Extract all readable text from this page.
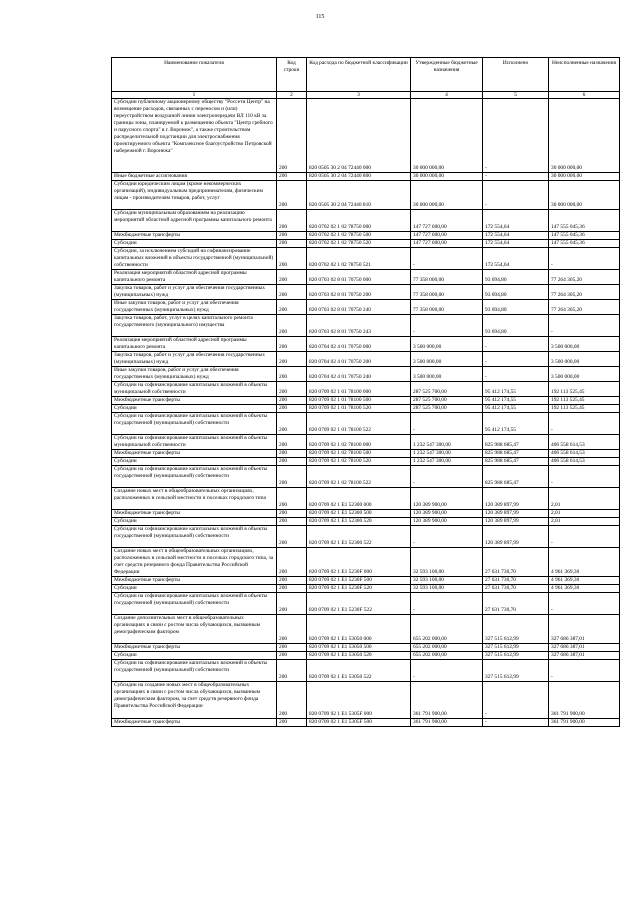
115
Наименование показателя	Код строки	Код расхода по бюджетной классификации	Утвержденные бюджетные назначения	Исполнено	Неисполненные назначения
1	2	3	4	5	6
Субсидии публичному акционерному обществу "Россети Центр" на возмещение расходов, связанных с переносом и (или) переустройством воздушной линии электропередачи ВЛ 110 кВ за границы зоны, планируемой к размещению объекта "Центр гребного и парусного спорта" в г. Воронеж", а также строительством распределительной подстанции для электроснабжения проектируемого объекта "Комплексное благоустройство Петровской набережной г. Воронежа"	200	820 0505 30 2 04 72440 000	30 000 000,00	-	30 000 000,00
Иные бюджетные ассигнования	200	820 0505 30 2 04 72440 800	30 000 000,00	-	30 000 000,00
Субсидии юридическим лицам (кроме некоммерческих организаций), индивидуальным предпринимателям, физическим лицам - производителям товаров, работ, услуг	200	820 0505 30 2 04 72440 810	30 000 000,00	-	30 000 000,00
Субсидии муниципальным образованиям на реализацию мероприятий областной адресной программы капитального ремонта	200	820 0702 02 1 02 78750 000	147 727 600,00	172 554,64	147 555 045,36
Межбюджетные трансферты	200	820 0702 02 1 02 78750 500	147 727 600,00	172 554,64	147 555 045,36
Субсидии	200	820 0702 02 1 02 78750 520	147 727 600,00	172 554,64	147 555 045,36
Субсидии, за исключением субсидий на софинансирование капитальных вложений в объекты государственной (муниципальной) собственности	200	820 0702 02 1 02 78750 521	-	172 554,64	-
Реализация мероприятий областной адресной программы капитального ремонта	200	820 0703 02 8 01 70750 000	77 358 000,00	93 694,80	77 264 305,20
Закупка товаров, работ и услуг для обеспечения государственных (муниципальных) нужд	200	820 0703 02 8 01 70750 200	77 358 000,00	93 694,80	77 264 305,20
Иные закупки товаров, работ и услуг для обеспечения государственных (муниципальных) нужд	200	820 0703 02 8 01 70750 240	77 358 000,00	93 694,80	77 264 305,20
Закупка товаров, работ, услуг в целях капитального ремонта государственного (муниципального) имущества	200	820 0703 02 8 01 70750 243	-	93 694,80	-
Реализация мероприятий областной адресной программы капитального ремонта	200	820 0704 02 4 01 70750 000	3 500 000,00	-	3 500 000,00
Закупка товаров, работ и услуг для обеспечения государственных (муниципальных) нужд	200	820 0704 02 4 01 70750 200	3 500 000,00	-	3 500 000,00
Иные закупки товаров, работ и услуг для обеспечения государственных (муниципальных) нужд	200	820 0704 02 4 01 70750 240	3 500 000,00	-	3 500 000,00
Субсидии на софинансирование капитальных вложений в объекты муниципальной собственности	200	820 0709 02 1 01 78100 000	287 525 700,00	95 412 174,55	192 113 525,45
Межбюджетные трансферты	200	820 0709 02 1 01 78100 500	287 525 700,00	95 412 174,55	192 113 525,45
Субсидии	200	820 0709 02 1 01 78100 520	287 525 700,00	95 412 174,55	192 113 525,45
Субсидии на софинансирование капитальных вложений в объекты государственной (муниципальной) собственности	200	820 0709 02 1 01 78100 522	-	95 412 174,55	-
Субсидии на софинансирование капитальных вложений в объекты муниципальной собственности	200	820 0709 02 1 02 78100 000	1 232 547 300,00	825 988 685,47	406 558 614,53
Межбюджетные трансферты	200	820 0709 02 1 02 78100 500	1 232 547 300,00	825 988 685,47	406 558 614,53
Субсидии	200	820 0709 02 1 02 78100 520	1 232 547 300,00	825 988 685,47	406 558 614,53
Субсидии на софинансирование капитальных вложений в объекты государственной (муниципальной) собственности	200	820 0709 02 1 02 78100 522	-	825 988 685,47	-
Создание новых мест в общеобразовательных организациях, расположенных в сельской местности и поселках городского типа	200	820 0709 02 1 E1 52300 000	120 389 900,00	120 389 897,99	2,01
Межбюджетные трансферты	200	820 0709 02 1 E1 52300 500	120 389 900,00	120 389 897,99	2,01
Субсидии	200	820 0709 02 1 E1 52300 520	120 389 900,00	120 389 897,99	2,01
Субсидии на софинансирование капитальных вложений в объекты государственной (муниципальной) собственности	200	820 0709 02 1 E1 52300 522	-	120 389 897,99	-
Создание новых мест в общеобразовательных организациях, расположенных в сельской местности и поселках городского типа, за счет средств резервного фонда Правительства Российской Федерации	200	820 0709 02 1 E1 5230F 000	32 593 100,00	27 631 730,70	4 961 369,30
Межбюджетные трансферты	200	820 0709 02 1 E1 5230F 500	32 593 100,00	27 631 730,70	4 961 369,30
Субсидии	200	820 0709 02 1 E1 5230F 520	32 593 100,00	27 631 730,70	4 961 369,30
Субсидии на софинансирование капитальных вложений в объекты государственной (муниципальной) собственности	200	820 0709 02 1 E1 5230F 522	-	27 631 730,70	-
Создание дополнительных мест в общеобразовательных организациях в связи с ростом числа обучающихся, вызванным демографическим фактором	200	820 0709 02 1 E1 53050 000	655 202 000,00	327 515 612,99	327 686 387,01
Межбюджетные трансферты	200	820 0709 02 1 E1 53050 500	655 202 000,00	327 515 612,99	327 686 387,01
Субсидии	200	820 0709 02 1 E1 53050 520	655 202 000,00	327 515 612,99	327 686 387,01
Субсидии на софинансирование капитальных вложений в объекты государственной (муниципальной) собственности	200	820 0709 02 1 E1 53050 522	-	327 515 612,99	-
Субсидии на создание новых мест в общеобразовательных организациях в связи с ростом числа обучающихся, вызванным демографическим фактором, за счет средств резервного фонда Правительства Российской Федерации	200	820 0709 02 1 E1 5305F 000	361 791 900,00	-	361 791 900,00
Межбюджетные трансферты	200	820 0709 02 1 E1 5305F 500	361 791 900,00	-	361 791 900,00
